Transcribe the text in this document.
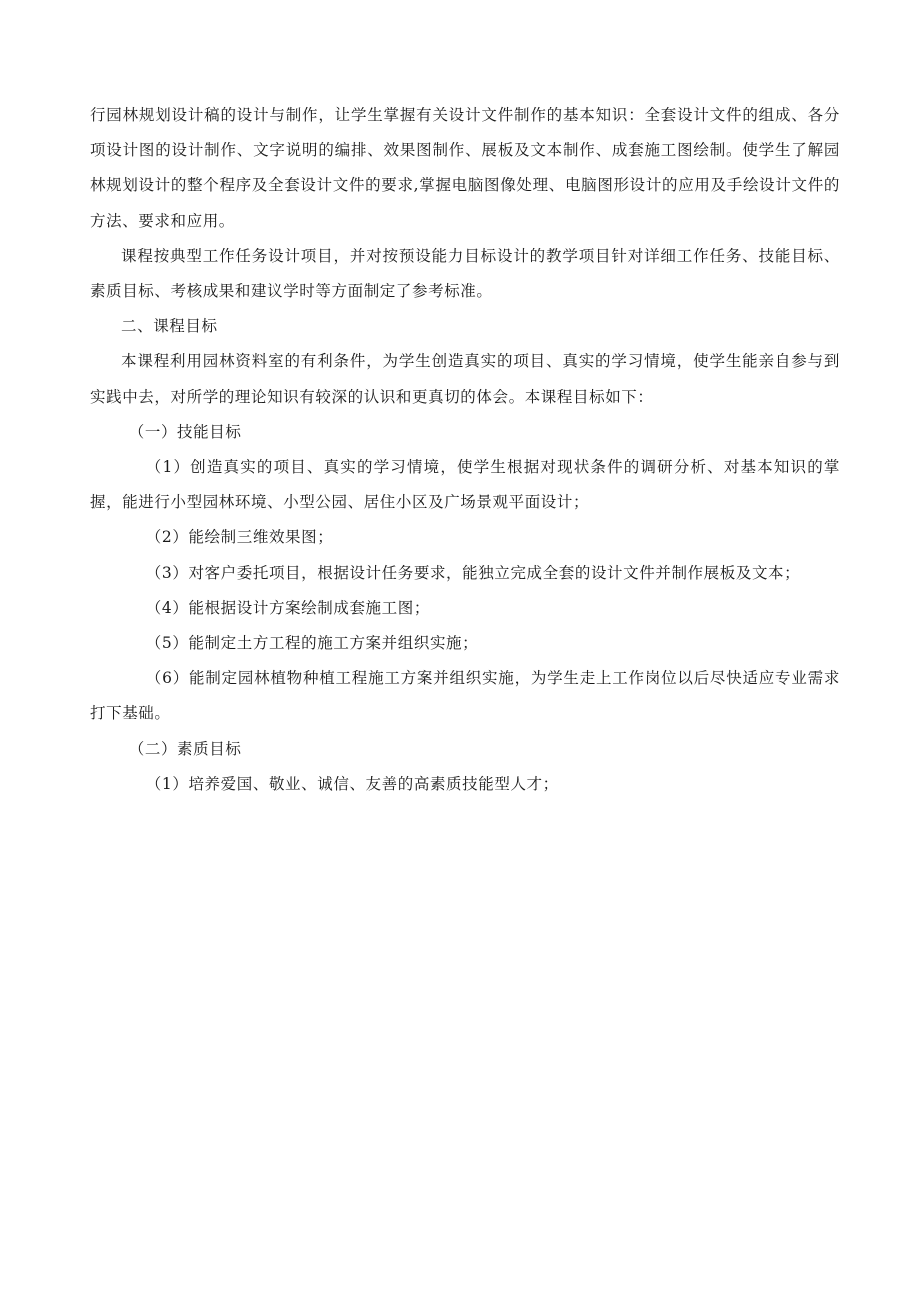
行园林规划设计稿的设计与制作，让学生掌握有关设计文件制作的基本知识：全套设计文件的组成、各分项设计图的设计制作、文字说明的编排、效果图制作、展板及文本制作、成套施工图绘制。使学生了解园林规划设计的整个程序及全套设计文件的要求,掌握电脑图像处理、电脑图形设计的应用及手绘设计文件的方法、要求和应用。

课程按典型工作任务设计项目，并对按预设能力目标设计的教学项目针对详细工作任务、技能目标、素质目标、考核成果和建议学时等方面制定了参考标准。

二、课程目标

本课程利用园林资料室的有利条件，为学生创造真实的项目、真实的学习情境，使学生能亲自参与到实践中去，对所学的理论知识有较深的认识和更真切的体会。本课程目标如下：

（一）技能目标

（1）创造真实的项目、真实的学习情境，使学生根据对现状条件的调研分析、对基本知识的掌握，能进行小型园林环境、小型公园、居住小区及广场景观平面设计；

（2）能绘制三维效果图；

（3）对客户委托项目，根据设计任务要求，能独立完成全套的设计文件并制作展板及文本；

（4）能根据设计方案绘制成套施工图；

（5）能制定土方工程的施工方案并组织实施；

（6）能制定园林植物种植工程施工方案并组织实施，为学生走上工作岗位以后尽快适应专业需求打下基础。

（二）素质目标

（1）培养爱国、敬业、诚信、友善的高素质技能型人才；
